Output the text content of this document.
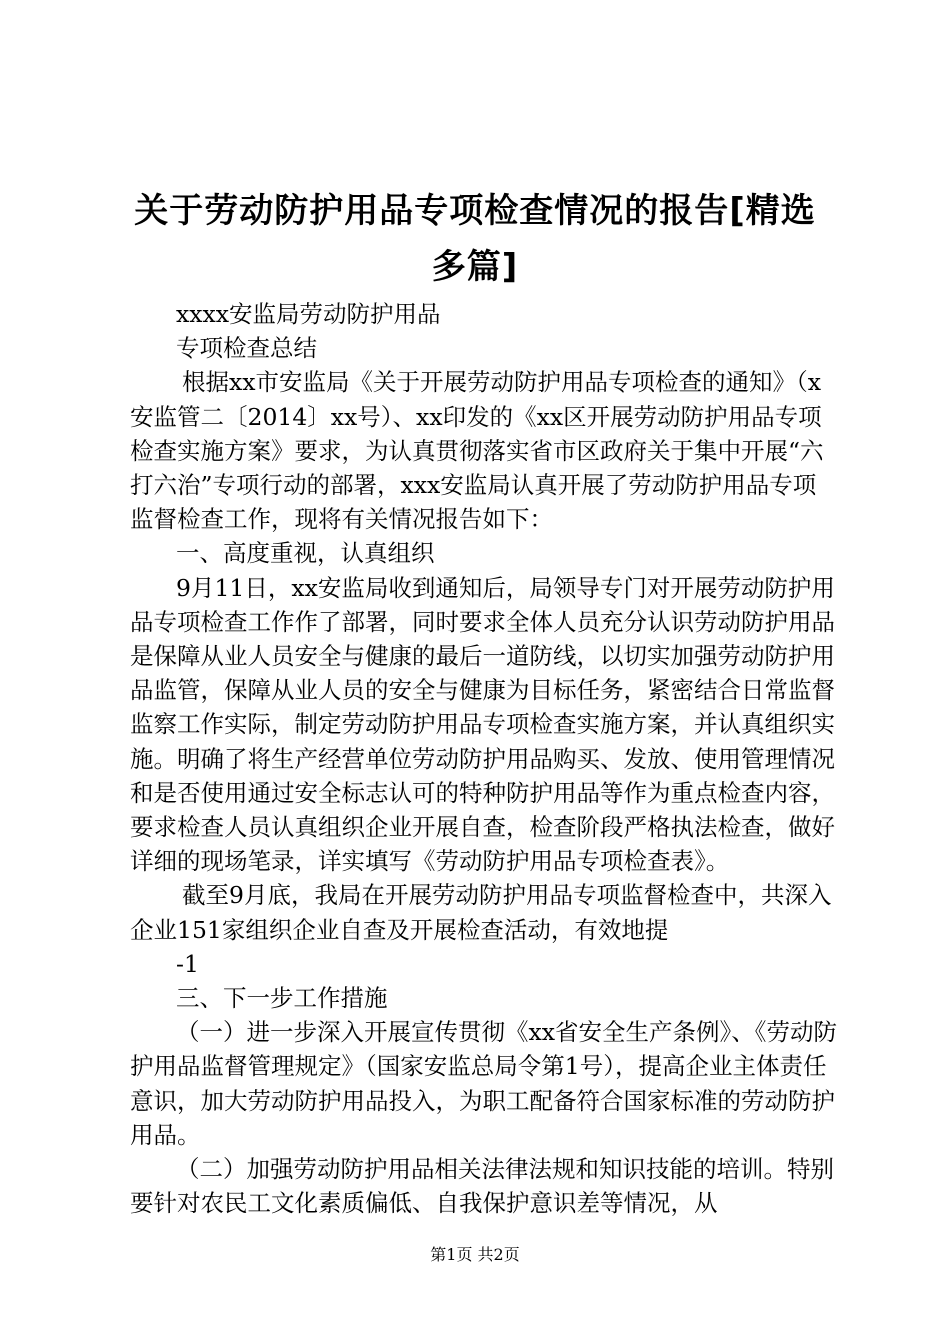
关于劳动防护用品专项检查情况的报告[精选多篇]

xxxx安监局劳动防护用品

专项检查总结

根据xx市安监局《关于开展劳动防护用品专项检查的通知》（x安监管二〔2014〕xx号）、xx印发的《xx区开展劳动防护用品专项检查实施方案》要求，为认真贯彻落实省市区政府关于集中开展“六打六治”专项行动的部署，xxx安监局认真开展了劳动防护用品专项监督检查工作，现将有关情况报告如下：

一、高度重视，认真组织

9月11日，xx安监局收到通知后，局领导专门对开展劳动防护用品专项检查工作作了部署，同时要求全体人员充分认识劳动防护用品是保障从业人员安全与健康的最后一道防线，以切实加强劳动防护用品监管，保障从业人员的安全与健康为目标任务，紧密结合日常监督监察工作实际，制定劳动防护用品专项检查实施方案，并认真组织实施。明确了将生产经营单位劳动防护用品购买、发放、使用管理情况和是否使用通过安全标志认可的特种防护用品等作为重点检查内容，要求检查人员认真组织企业开展自查，检查阶段严格执法检查，做好详细的现场笔录，详实填写《劳动防护用品专项检查表》。

截至9月底，我局在开展劳动防护用品专项监督检查中，共深入企业151家组织企业自查及开展检查活动，有效地提

-1

三、下一步工作措施

（一）进一步深入开展宣传贯彻《xx省安全生产条例》、《劳动防护用品监督管理规定》（国家安监总局令第1号），提高企业主体责任意识，加大劳动防护用品投入，为职工配备符合国家标准的劳动防护用品。

（二）加强劳动防护用品相关法律法规和知识技能的培训。特别要针对农民工文化素质偏低、自我保护意识差等情况，从

第1页 共2页
